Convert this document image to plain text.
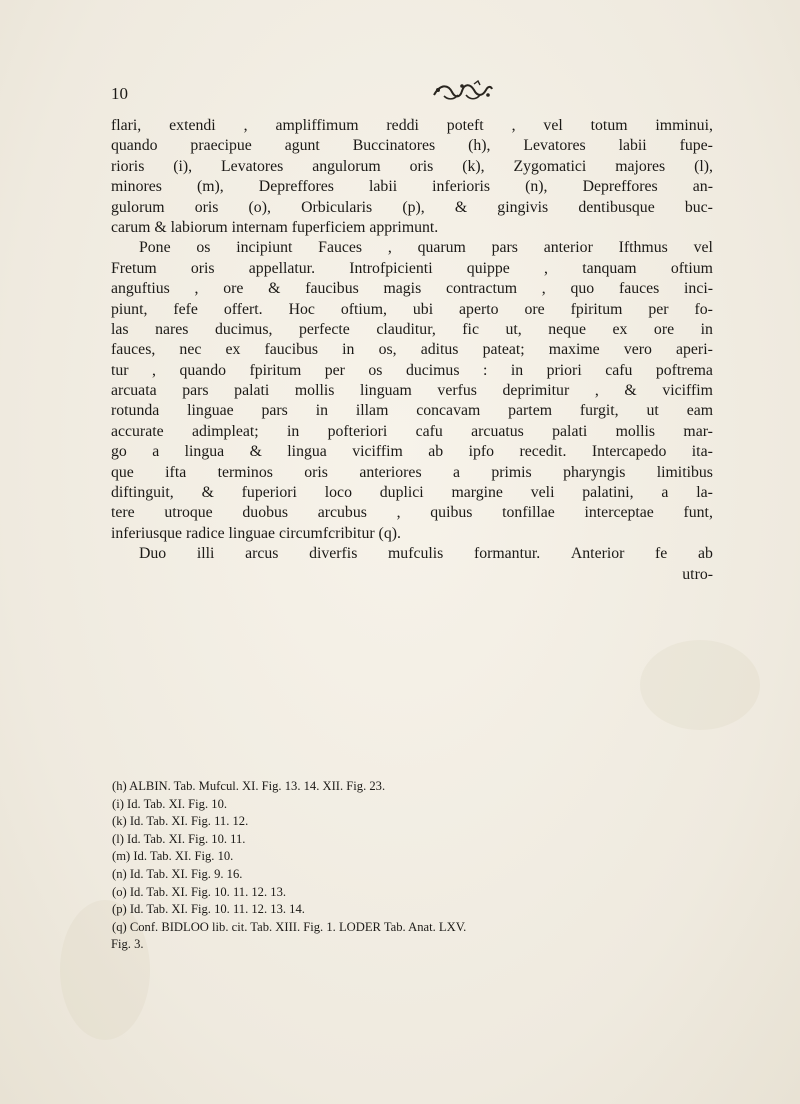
10
flari, extendi , ampliffimum reddi poteft , vel totum imminui,
quando praecipue agunt Buccinatores (h), Levatores labii fupe-
rioris (i), Levatores angulorum oris (k), Zygomatici majores (l),
minores (m), Depreffores labii inferioris (n), Depreffores an-
gulorum oris (o), Orbicularis (p), & gingivis dentibusque buc-
carum & labiorum internam fuperficiem apprimunt.
Pone os incipiunt Fauces , quarum pars anterior Ifthmus vel
Fretum oris appellatur. Introfpicienti quippe , tanquam oftium
anguftius , ore & faucibus magis contractum , quo fauces inci-
piunt, fefe offert. Hoc oftium, ubi aperto ore fpiritum per fo-
las nares ducimus, perfecte clauditur, fic ut, neque ex ore in
fauces, nec ex faucibus in os, aditus pateat; maxime vero aperi-
tur , quando fpiritum per os ducimus : in priori cafu poftrema
arcuata pars palati mollis linguam verfus deprimitur , & viciffim
rotunda linguae pars in illam concavam partem furgit, ut eam
accurate adimpleat; in pofteriori cafu arcuatus palati mollis mar-
go a lingua & lingua viciffim ab ipfo recedit. Intercapedo ita-
que ifta terminos oris anteriores a primis pharyngis limitibus
diftinguit, & fuperiori loco duplici margine veli palatini, a la-
tere utroque duobus arcubus , quibus tonfillae interceptae funt,
inferiusque radice linguae circumfcribitur (q).
Duo illi arcus diverfis mufculis formantur. Anterior fe ab
utro-
(h) ALBIN. Tab. Mufcul. XI. Fig. 13. 14. XII. Fig. 23.
(i) Id. Tab. XI. Fig. 10.
(k) Id. Tab. XI. Fig. 11. 12.
(l) Id. Tab. XI. Fig. 10. 11.
(m) Id. Tab. XI. Fig. 10.
(n) Id. Tab. XI. Fig. 9. 16.
(o) Id. Tab. XI. Fig. 10. 11. 12. 13.
(p) Id. Tab. XI. Fig. 10. 11. 12. 13. 14.
(q) Conf. BIDLOO lib. cit. Tab. XIII. Fig. 1. LODER Tab. Anat. LXV.
Fig. 3.
